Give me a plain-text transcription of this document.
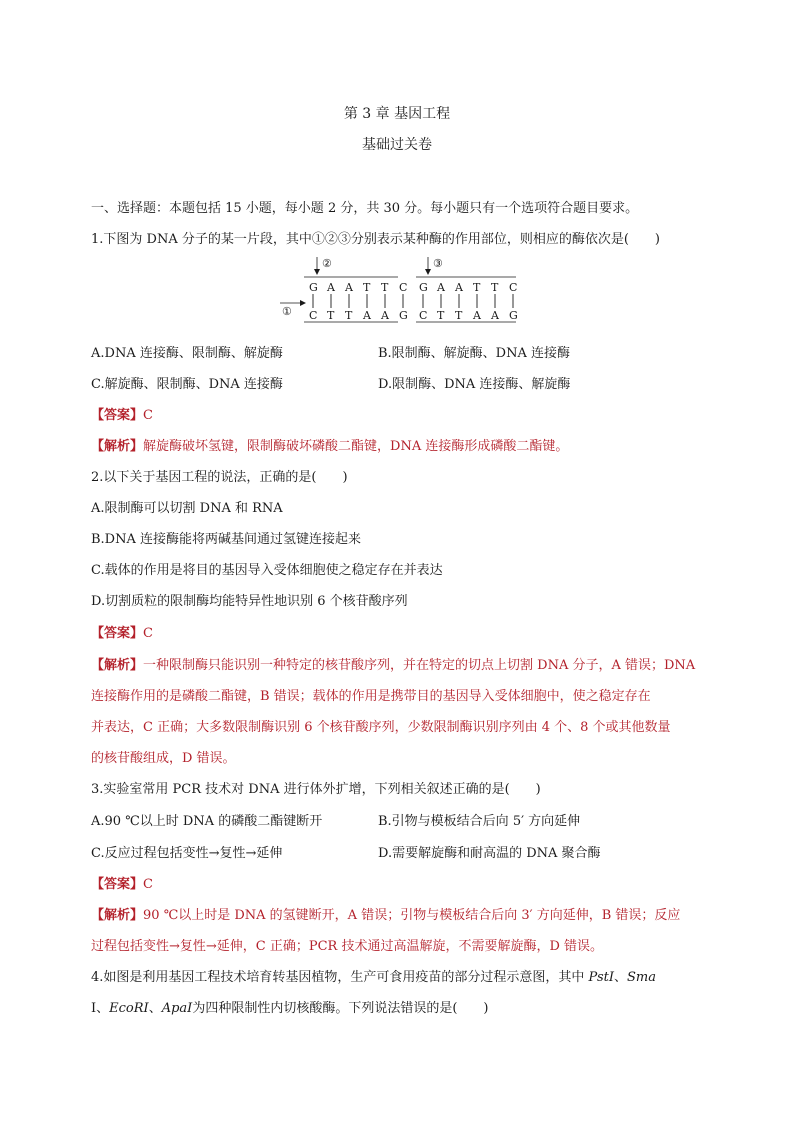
第 3 章 基因工程
基础过关卷
一、选择题：本题包括 15 小题，每小题 2 分，共 30 分。每小题只有一个选项符合题目要求。
1.下图为 DNA 分子的某一片段，其中①②③分别表示某种酶的作用部位，则相应的酶依次是(　　)
②	③
①
G
C
A
T
A
T
T
A
T
A
C
G
G
C
A
T
A
T
T
A
T
A
C
G
A.DNA 连接酶、限制酶、解旋酶	B.限制酶、解旋酶、DNA 连接酶
C.解旋酶、限制酶、DNA 连接酶	D.限制酶、DNA 连接酶、解旋酶
【答案】C
【解析】解旋酶破坏氢键，限制酶破坏磷酸二酯键，DNA 连接酶形成磷酸二酯键。
2.以下关于基因工程的说法，正确的是(　　)
A.限制酶可以切割 DNA 和 RNA
B.DNA 连接酶能将两碱基间通过氢键连接起来
C.载体的作用是将目的基因导入受体细胞使之稳定存在并表达
D.切割质粒的限制酶均能特异性地识别 6 个核苷酸序列
【答案】C
【解析】一种限制酶只能识别一种特定的核苷酸序列，并在特定的切点上切割 DNA 分子，A 错误；DNA
连接酶作用的是磷酸二酯键，B 错误；载体的作用是携带目的基因导入受体细胞中，使之稳定存在
并表达，C 正确；大多数限制酶识别 6 个核苷酸序列，少数限制酶识别序列由 4 个、8 个或其他数量
的核苷酸组成，D 错误。
3.实验室常用 PCR 技术对 DNA 进行体外扩增，下列相关叙述正确的是(　　)
A.90 ℃以上时 DNA 的磷酸二酯键断开	B.引物与模板结合后向 5′ 方向延伸
C.反应过程包括变性→复性→延伸	D.需要解旋酶和耐高温的 DNA 聚合酶
【答案】C
【解析】90 ℃以上时是 DNA 的氢键断开，A 错误；引物与模板结合后向 3′ 方向延伸，B 错误；反应
过程包括变性→复性→延伸，C 正确；PCR 技术通过高温解旋，不需要解旋酶，D 错误。
4.如图是利用基因工程技术培育转基因植物，生产可食用疫苗的部分过程示意图，其中 PstⅠ、Sma
Ⅰ、EcoRⅠ、ApaⅠ为四种限制性内切核酸酶。下列说法错误的是(　　)
